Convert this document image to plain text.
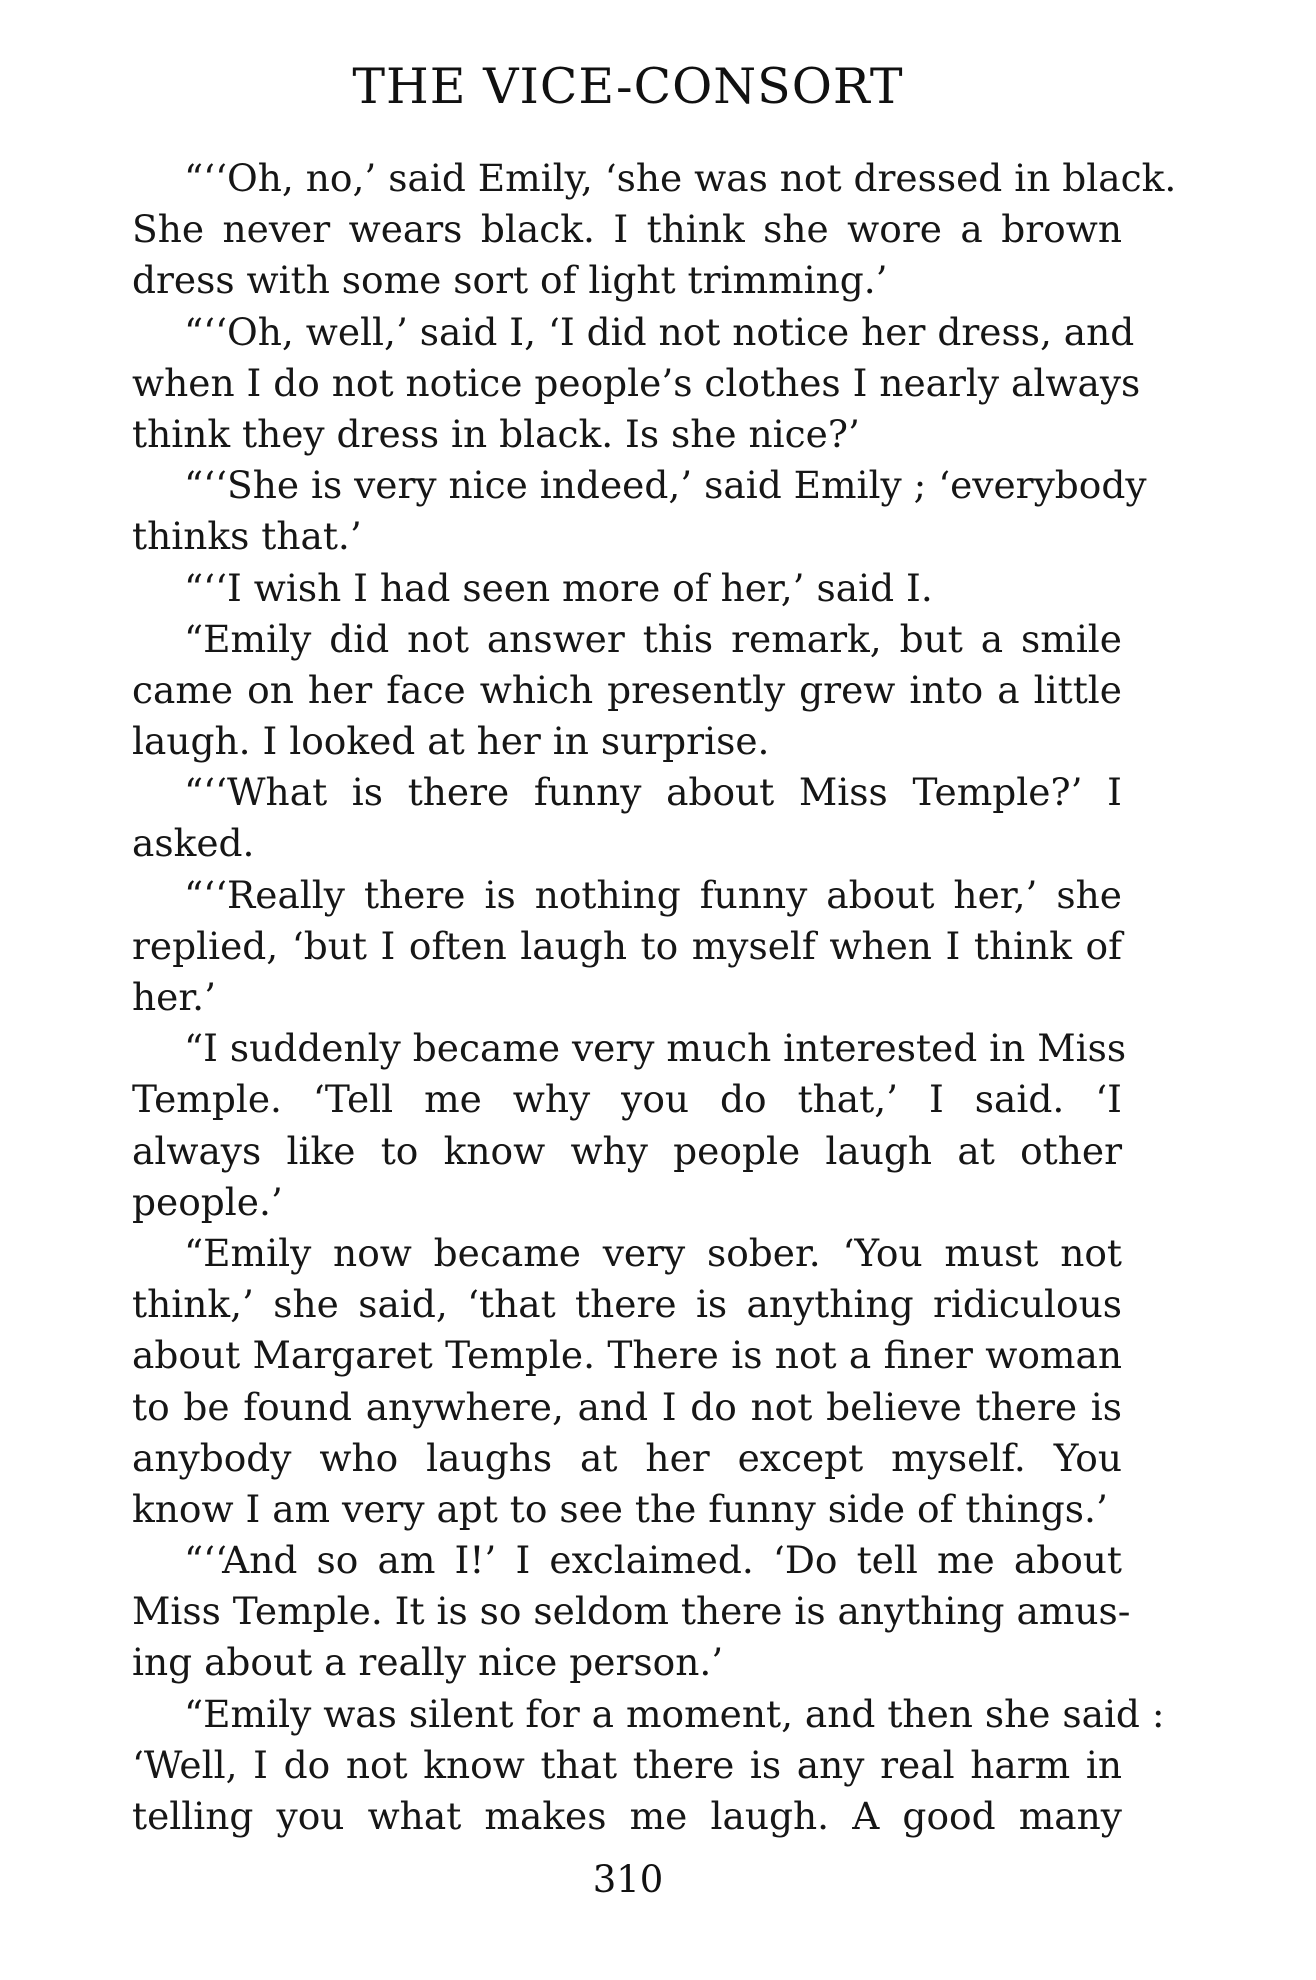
THE VICE-CONSORT
“‘‘Oh, no,’ said Emily, ‘she was not dressed in black.
She never wears black. I think she wore a brown
dress with some sort of light trimming.’
“‘‘Oh, well,’ said I, ‘I did not notice her dress, and
when I do not notice people’s clothes I nearly always
think they dress in black. Is she nice?’
“‘‘She is very nice indeed,’ said Emily ; ‘everybody
thinks that.’
“‘‘I wish I had seen more of her,’ said I.
“Emily did not answer this remark, but a smile
came on her face which presently grew into a little
laugh. I looked at her in surprise.
“‘‘What is there funny about Miss Temple?’ I
asked.
“‘‘Really there is nothing funny about her,’ she
replied, ‘but I often laugh to myself when I think of
her.’
“I suddenly became very much interested in Miss
Temple. ‘Tell me why you do that,’ I said. ‘I
always like to know why people laugh at other
people.’
“Emily now became very sober. ‘You must not
think,’ she said, ‘that there is anything ridiculous
about Margaret Temple. There is not a finer woman
to be found anywhere, and I do not believe there is
anybody who laughs at her except myself. You
know I am very apt to see the funny side of things.’
“‘‘And so am I!’ I exclaimed. ‘Do tell me about
Miss Temple. It is so seldom there is anything amus-
ing about a really nice person.’
“Emily was silent for a moment, and then she said :
‘Well, I do not know that there is any real harm in
telling you what makes me laugh. A good many
310
